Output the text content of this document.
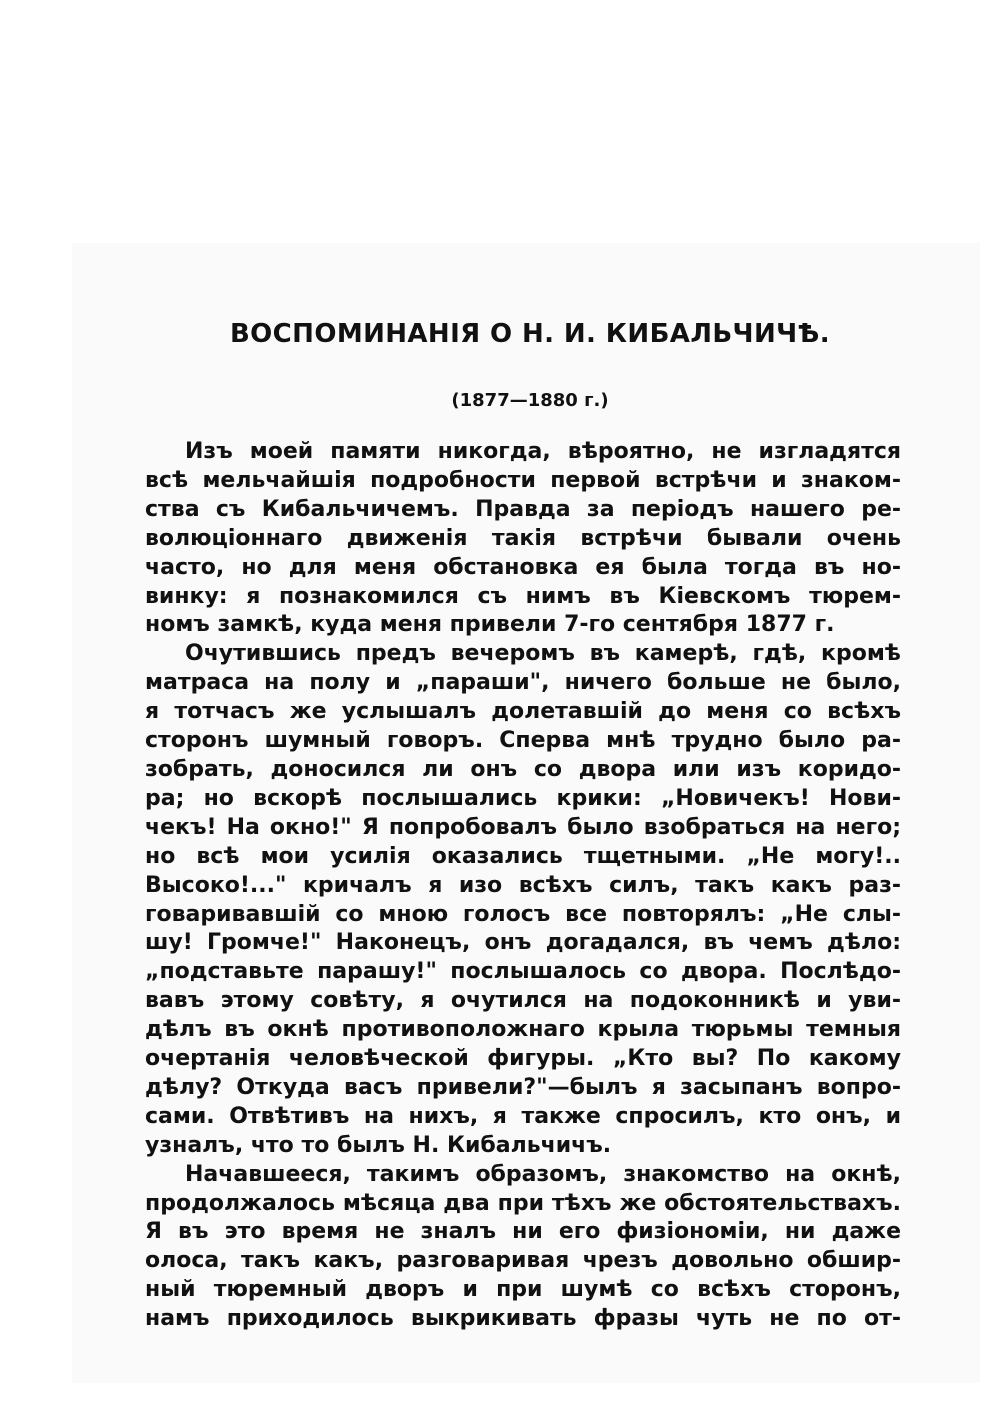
ВОСПОМИНАНІЯ О Н. И. КИБАЛЬЧИЧѢ.
(1877—1880 г.)

Изъ моей памяти никогда, вѣроятно, не изгладятся
всѣ мельчайшія подробности первой встрѣчи и знаком-
ства съ Кибальчичемъ. Правда за періодъ нашего ре-
волюціоннаго движенія такія встрѣчи бывали очень
часто, но для меня обстановка ея была тогда въ но-
винку: я познакомился съ нимъ въ Кіевскомъ тюрем-
номъ замкѣ, куда меня привели 7-го сентября 1877 г.

Очутившись предъ вечеромъ въ камерѣ, гдѣ, кромѣ
матраса на полу и „параши", ничего больше не было,
я тотчасъ же услышалъ долетавшій до меня со всѣхъ
сторонъ шумный говоръ. Сперва мнѣ трудно было ра-
зобрать, доносился ли онъ со двора или изъ коридо-
ра; но вскорѣ послышались крики: „Новичекъ! Нови-
чекъ! На окно!" Я попробовалъ было взобраться на него;
но всѣ мои усилія оказались тщетными. „Не могу!..
Высоко!..." кричалъ я изо всѣхъ силъ, такъ какъ раз-
говаривавшій со мною голосъ все повторялъ: „Не слы-
шу! Громче!" Наконецъ, онъ догадался, въ чемъ дѣло:
„подставьте парашу!" послышалось со двора. Послѣдо-
вавъ этому совѣту, я очутился на подоконникѣ и уви-
дѣлъ въ окнѣ противоположнаго крыла тюрьмы темныя
очертанія человѣческой фигуры. „Кто вы? По какому
дѣлу? Откуда васъ привели?"—былъ я засыпанъ вопро-
сами. Отвѣтивъ на нихъ, я также спросилъ, кто онъ, и
узналъ, что то былъ Н. Кибальчичъ.

Начавшееся, такимъ образомъ, знакомство на окнѣ,
продолжалось мѣсяца два при тѣхъ же обстоятельствахъ.
Я въ это время не зналъ ни его физіономіи, ни даже
олоса, такъ какъ, разговаривая чрезъ довольно обшир-
ный тюремный дворъ и при шумѣ со всѣхъ сторонъ,
намъ приходилось выкрикивать фразы чуть не по от-
